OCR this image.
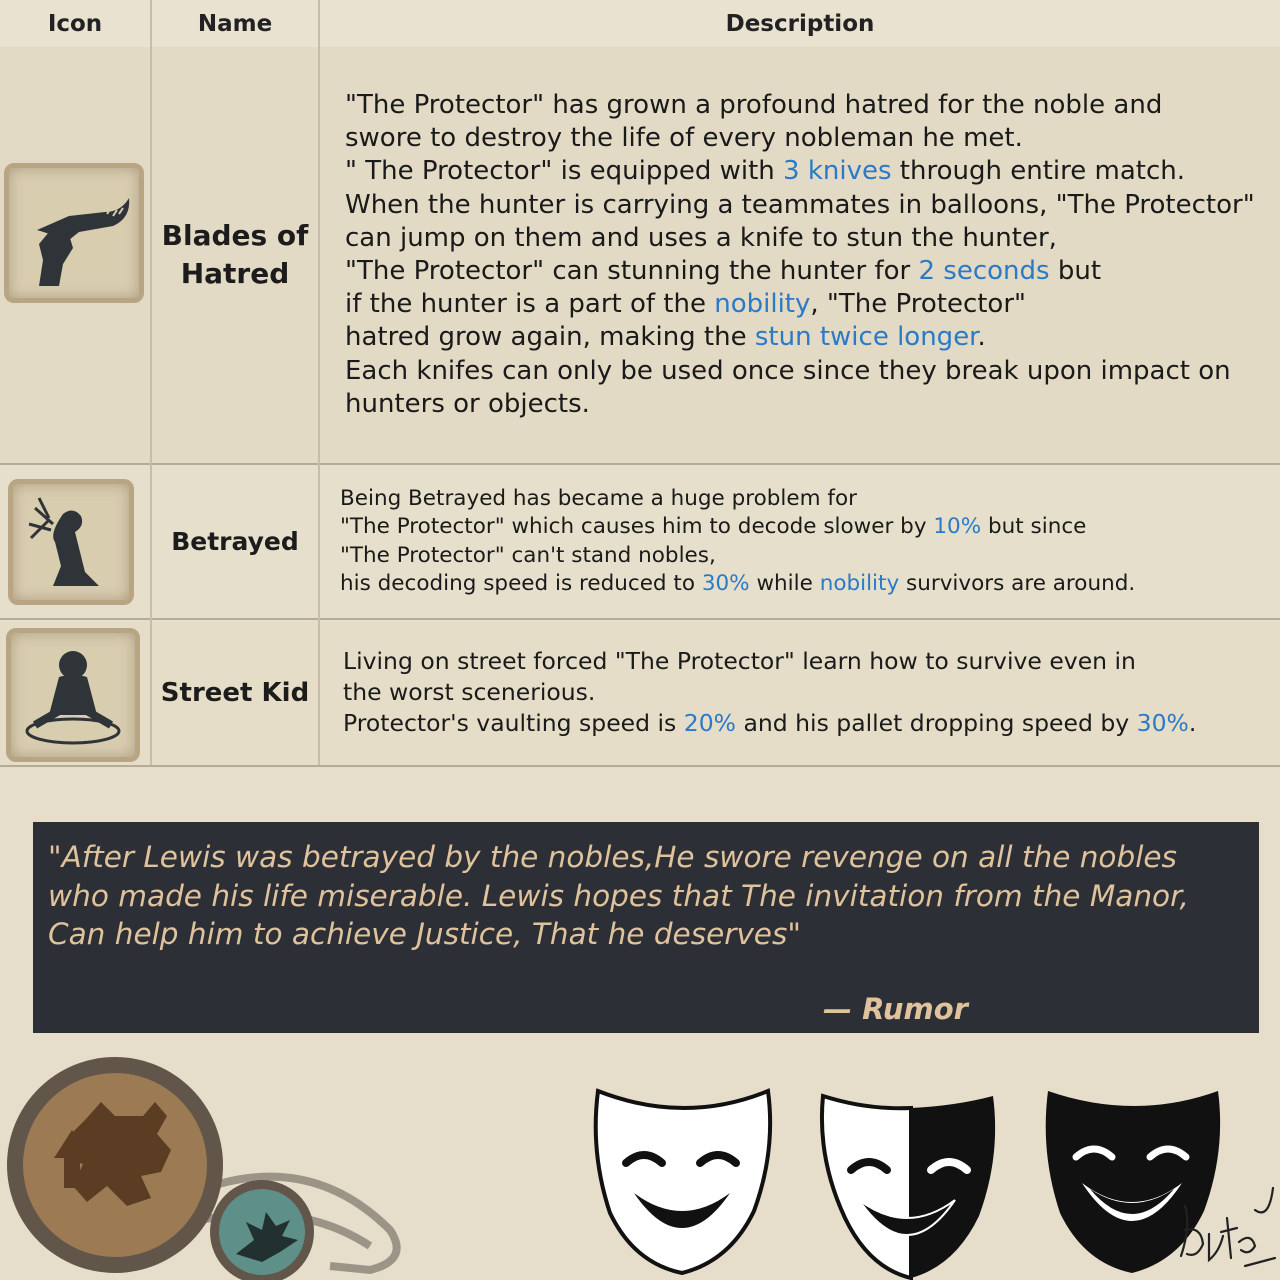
Icon	Name	Description
Blades of
Hatred

"The Protector" has grown a profound hatred for the noble and
swore to destroy the life of every nobleman he met.
" The Protector" is equipped with 3 knives through entire match.
When the hunter is carrying a teammates in balloons, "The Protector"
can jump on them and uses a knife to stun the hunter,
"The Protector" can stunning the hunter for 2 seconds but
if the hunter is a part of the nobility, "The Protector"
hatred grow again, making the stun twice longer.
Each knifes can only be used once since they break upon impact on
hunters or objects.

Betrayed

Being Betrayed has became a huge problem for
"The Protector" which causes him to decode slower by 10% but since
"The Protector" can't stand nobles,
his decoding speed is reduced to 30% while nobility survivors are around.

Street Kid

Living on street forced "The Protector" learn how to survive even in
the worst scenerious.
Protector's vaulting speed is 20% and his pallet dropping speed by 30%.

"After Lewis was betrayed by the nobles,He swore revenge on all the nobles
who made his life miserable. Lewis hopes that The invitation from the Manor,
Can help him to achieve Justice, That he deserves"

— Rumor
